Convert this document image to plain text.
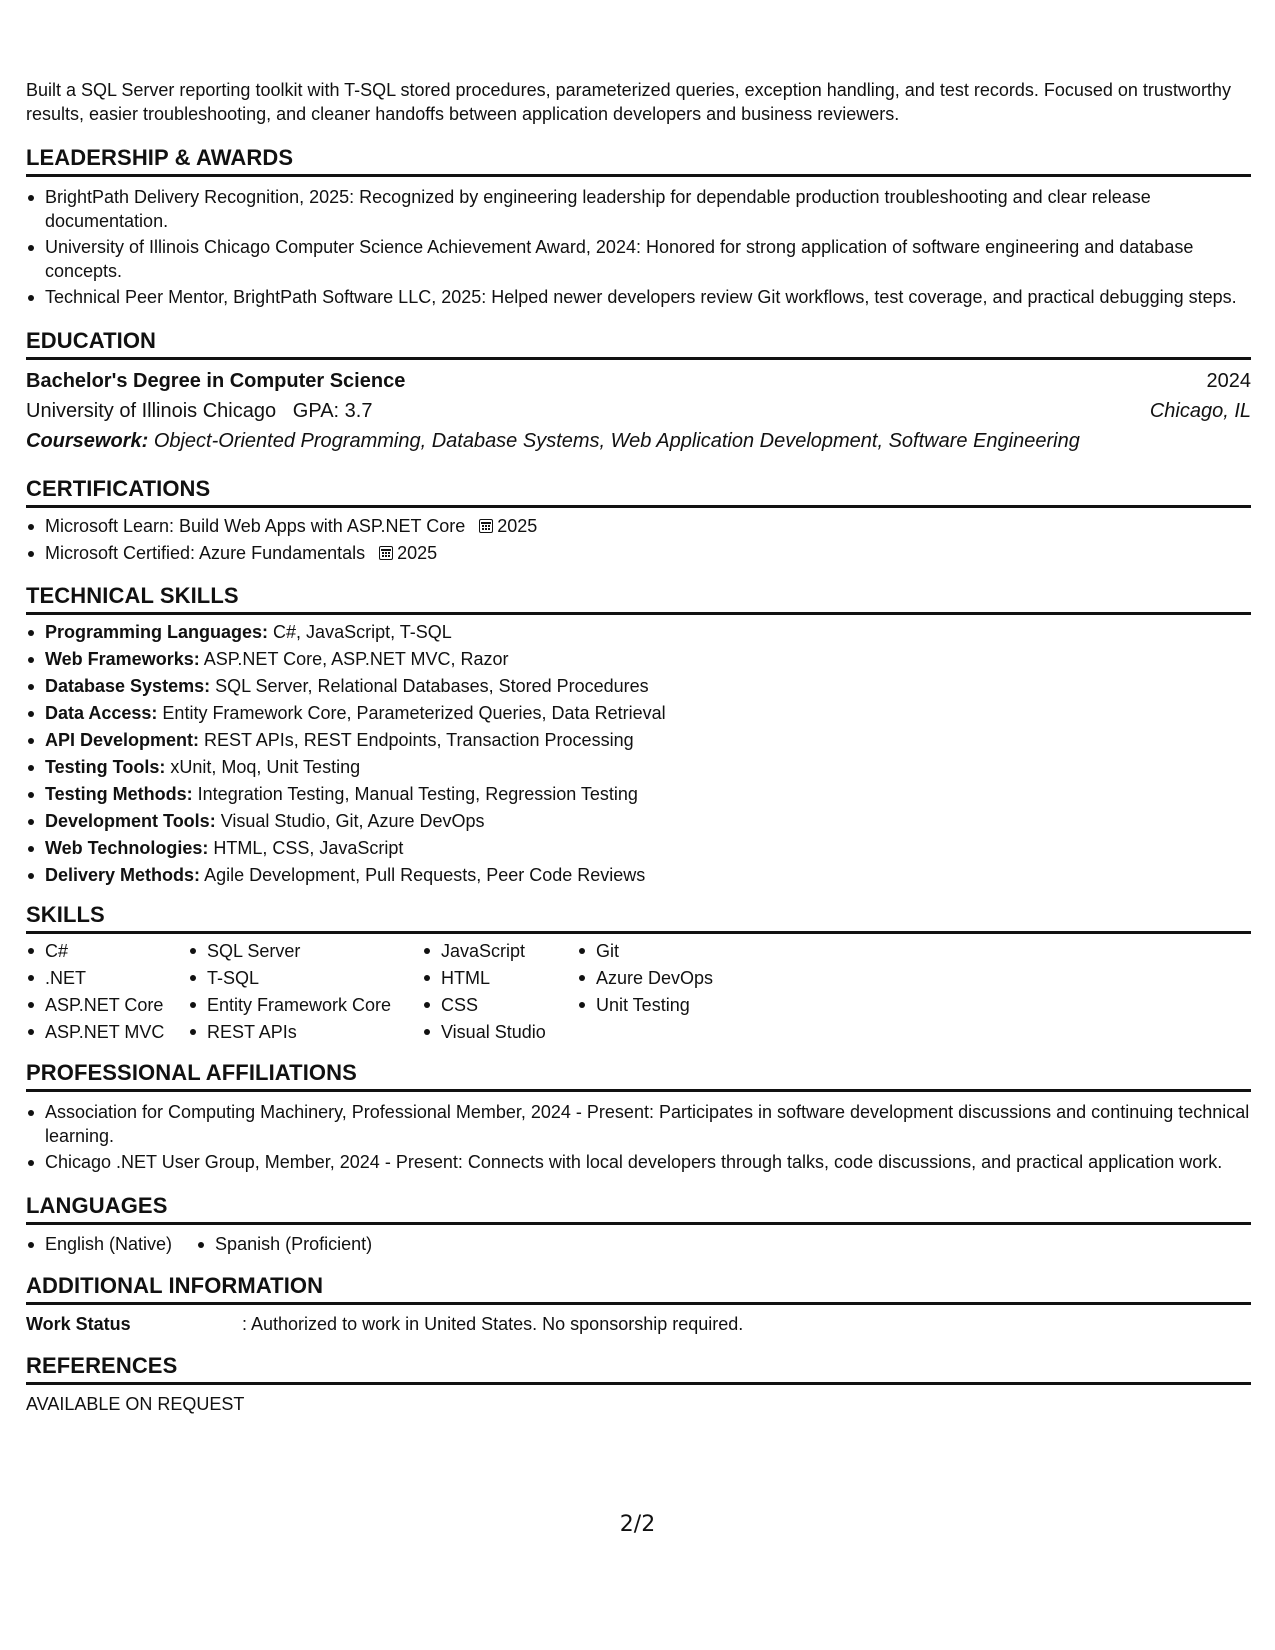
Built a SQL Server reporting toolkit with T-SQL stored procedures, parameterized queries, exception handling, and test records. Focused on trustworthy results, easier troubleshooting, and cleaner handoffs between application developers and business reviewers.

LEADERSHIP & AWARDS
BrightPath Delivery Recognition, 2025: Recognized by engineering leadership for dependable production troubleshooting and clear release documentation.
University of Illinois Chicago Computer Science Achievement Award, 2024: Honored for strong application of software engineering and database concepts.
Technical Peer Mentor, BrightPath Software LLC, 2025: Helped newer developers review Git workflows, test coverage, and practical debugging steps.
EDUCATION
Bachelor's Degree in Computer Science	2024
University of Illinois Chicago GPA: 3.7	Chicago, IL
Coursework: Object-Oriented Programming, Database Systems, Web Application Development, Software Engineering
CERTIFICATIONS
Microsoft Learn: Build Web Apps with ASP.NET Core 2025
Microsoft Certified: Azure Fundamentals 2025
TECHNICAL SKILLS
Programming Languages: C#, JavaScript, T-SQL
Web Frameworks: ASP.NET Core, ASP.NET MVC, Razor
Database Systems: SQL Server, Relational Databases, Stored Procedures
Data Access: Entity Framework Core, Parameterized Queries, Data Retrieval
API Development: REST APIs, REST Endpoints, Transaction Processing
Testing Tools: xUnit, Moq, Unit Testing
Testing Methods: Integration Testing, Manual Testing, Regression Testing
Development Tools: Visual Studio, Git, Azure DevOps
Web Technologies: HTML, CSS, JavaScript
Delivery Methods: Agile Development, Pull Requests, Peer Code Reviews
SKILLS
C#
.NET
ASP.NET Core
ASP.NET MVC
SQL Server
T-SQL
Entity Framework Core
REST APIs
JavaScript
HTML
CSS
Visual Studio
Git
Azure DevOps
Unit Testing
PROFESSIONAL AFFILIATIONS
Association for Computing Machinery, Professional Member, 2024 - Present: Participates in software development discussions and continuing technical learning.
Chicago .NET User Group, Member, 2024 - Present: Connects with local developers through talks, code discussions, and practical application work.
LANGUAGES
English (Native)	Spanish (Proficient)
ADDITIONAL INFORMATION
Work Status	: Authorized to work in United States. No sponsorship required.
REFERENCES
AVAILABLE ON REQUEST
2/2
